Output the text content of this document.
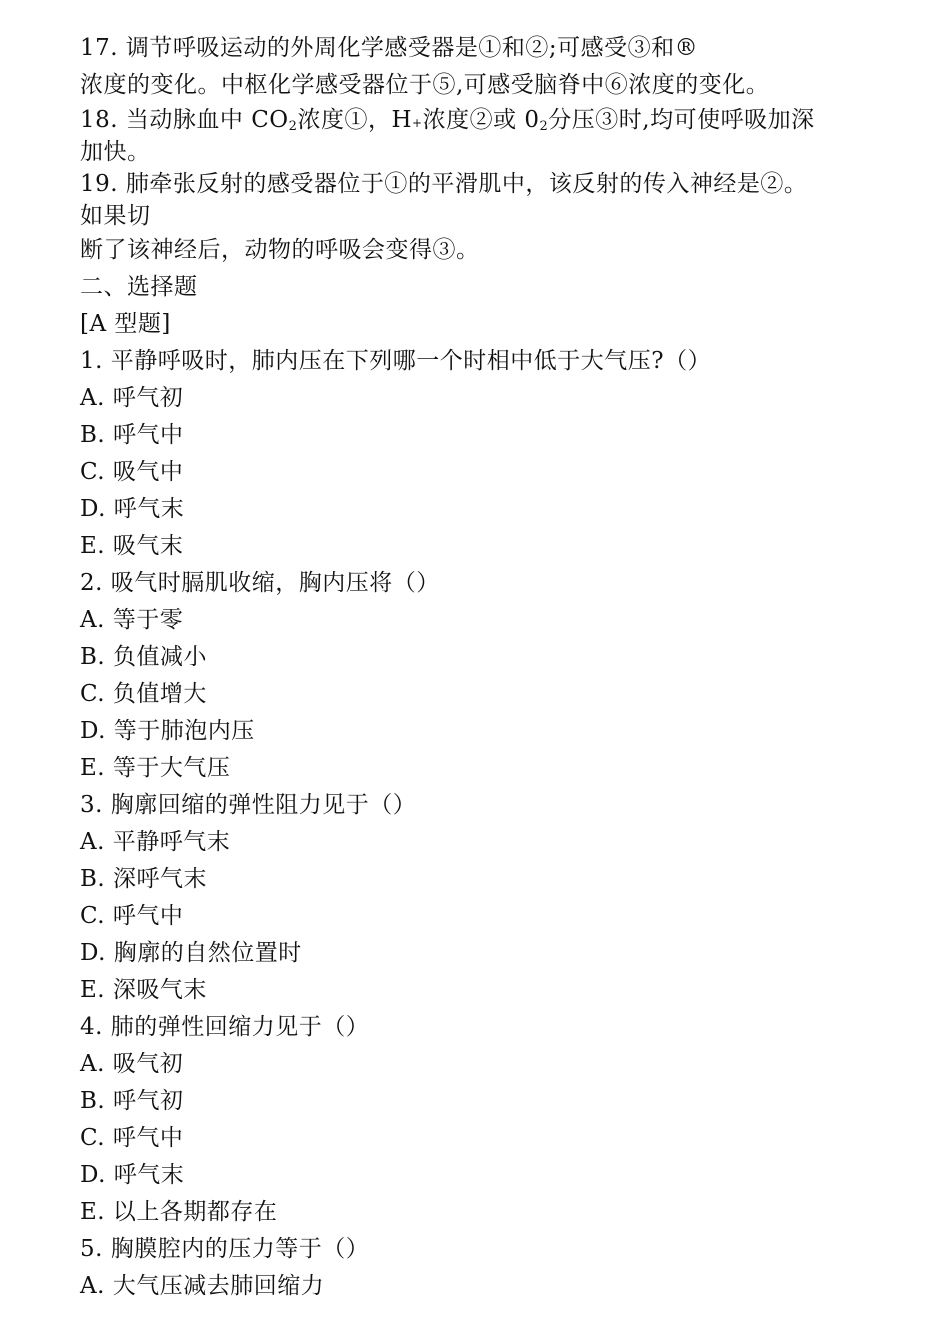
17. 调节呼吸运动的外周化学感受器是①和②;可感受③和®
浓度的变化。中枢化学感受器位于⑤,可感受脑脊中⑥浓度的变化。
18. 当动脉血中 $CO_2$浓度①，H+浓度②或 $0_2$分压③时,均可使呼吸加深
加快。
19. 肺牵张反射的感受器位于①的平滑肌中，该反射的传入神经是②。
如果切
断了该神经后，动物的呼吸会变得③。
二、选择题
[A 型题]
1. 平静呼吸时，肺内压在下列哪一个时相中低于大气压?（）
A. 呼气初
B. 呼气中
C. 吸气中
D. 呼气末
E. 吸气末
2. 吸气时膈肌收缩，胸内压将（）
A. 等于零
B. 负值减小
C. 负值增大
D. 等于肺泡内压
E. 等于大气压
3. 胸廓回缩的弹性阻力见于（）
A. 平静呼气末
B. 深呼气末
C. 呼气中
D. 胸廓的自然位置时
E. 深吸气末
4. 肺的弹性回缩力见于（）
A. 吸气初
B. 呼气初
C. 呼气中
D. 呼气末
E. 以上各期都存在
5. 胸膜腔内的压力等于（）
A. 大气压减去肺回缩力
